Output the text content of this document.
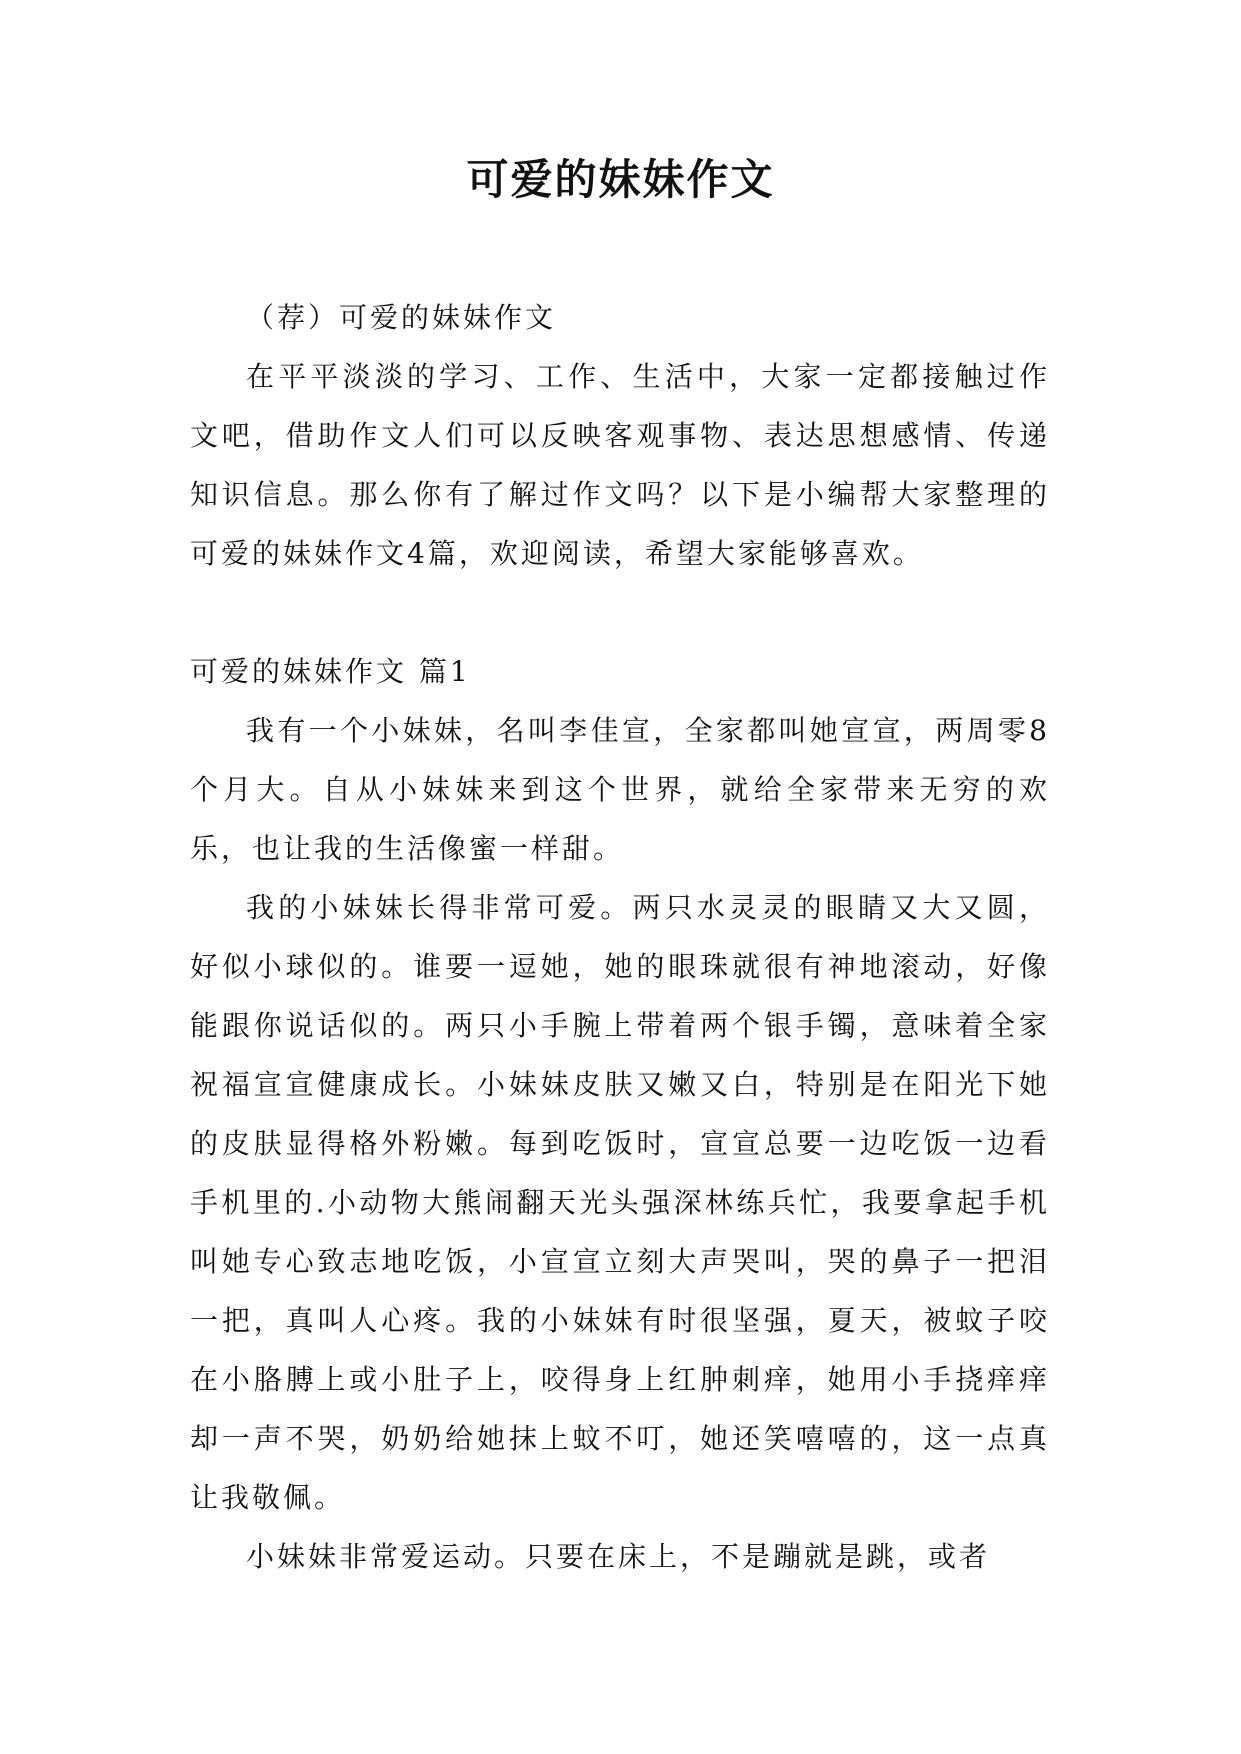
可爱的妹妹作文

（荐）可爱的妹妹作文

在平平淡淡的学习、工作、生活中，大家一定都接触过作文吧，借助作文人们可以反映客观事物、表达思想感情、传递知识信息。那么你有了解过作文吗？以下是小编帮大家整理的可爱的妹妹作文4篇，欢迎阅读，希望大家能够喜欢。

可爱的妹妹作文 篇1

我有一个小妹妹，名叫李佳宣，全家都叫她宣宣，两周零8个月大。自从小妹妹来到这个世界，就给全家带来无穷的欢乐，也让我的生活像蜜一样甜。

我的小妹妹长得非常可爱。两只水灵灵的眼睛又大又圆，好似小球似的。谁要一逗她，她的眼珠就很有神地滚动，好像能跟你说话似的。两只小手腕上带着两个银手镯，意味着全家祝福宣宣健康成长。小妹妹皮肤又嫩又白，特别是在阳光下她的皮肤显得格外粉嫩。每到吃饭时，宣宣总要一边吃饭一边看手机里的.小动物大熊闹翻天光头强深林练兵忙，我要拿起手机叫她专心致志地吃饭，小宣宣立刻大声哭叫，哭的鼻子一把泪一把，真叫人心疼。我的小妹妹有时很坚强，夏天，被蚊子咬在小胳膊上或小肚子上，咬得身上红肿刺痒，她用小手挠痒痒却一声不哭，奶奶给她抹上蚊不叮，她还笑嘻嘻的，这一点真让我敬佩。

小妹妹非常爱运动。只要在床上，不是蹦就是跳，或者
